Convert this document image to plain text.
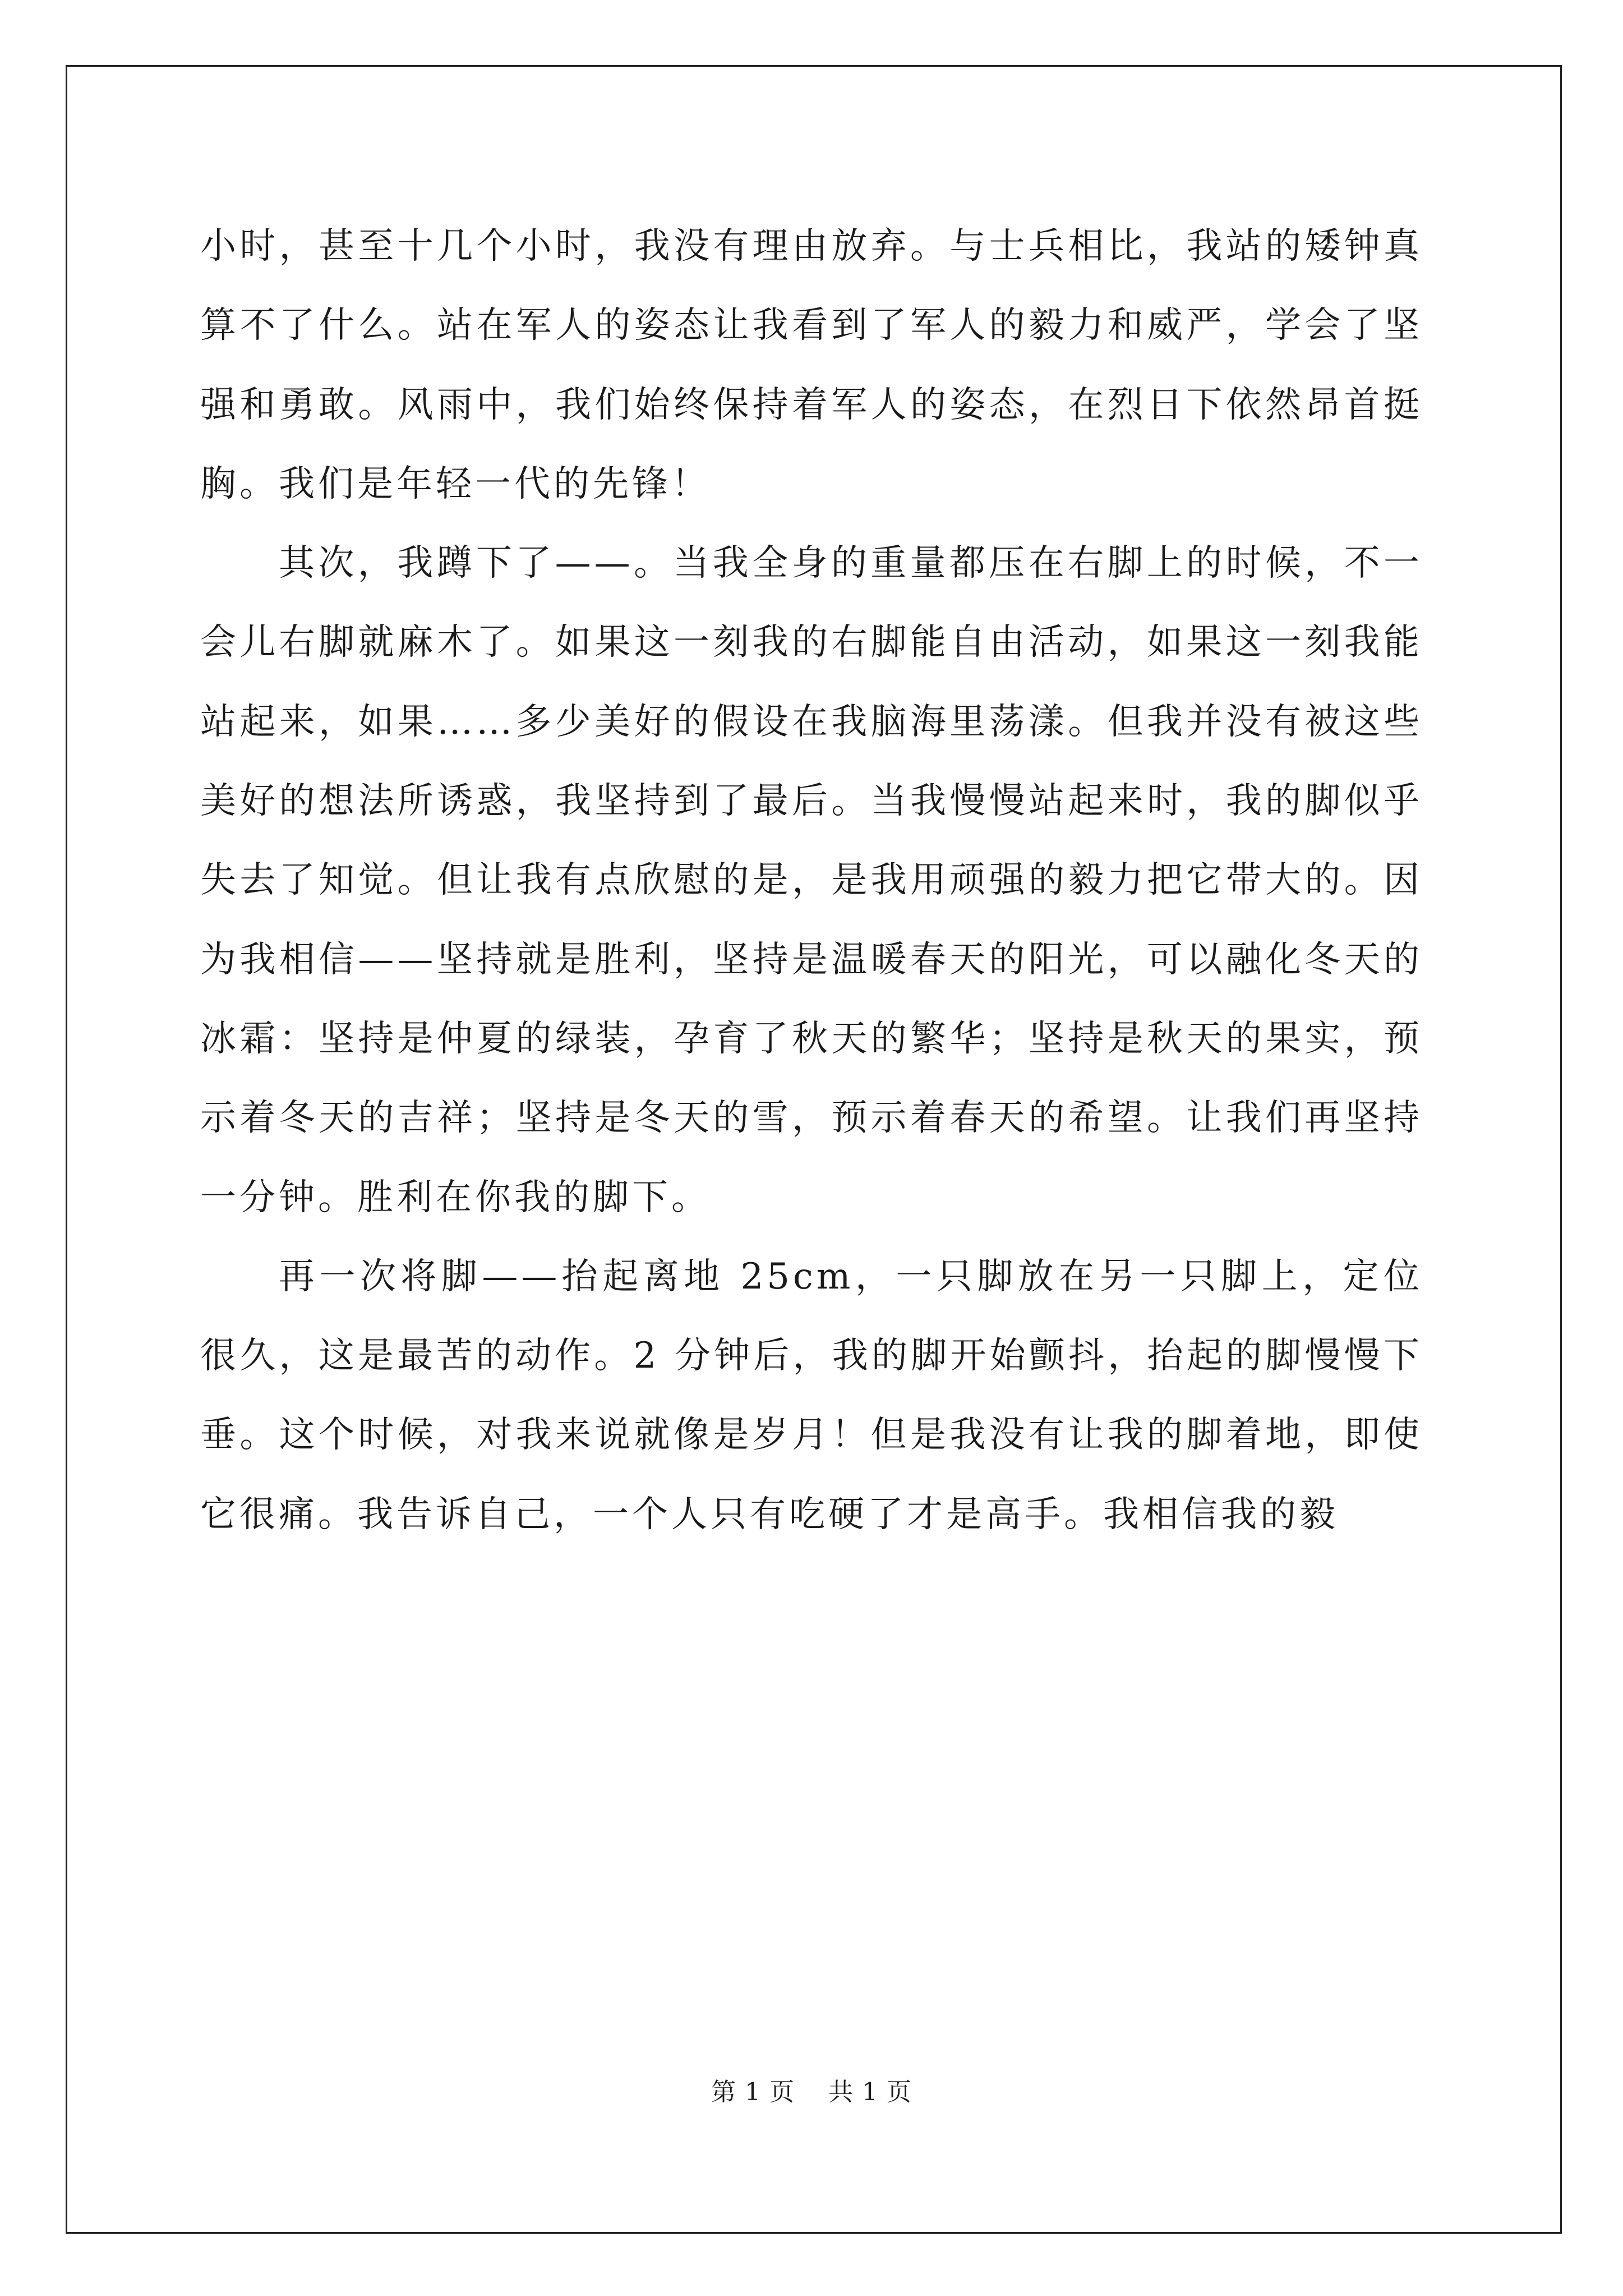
小时，甚至十几个小时，我没有理由放弃。与士兵相比，我站的矮钟真算不了什么。站在军人的姿态让我看到了军人的毅力和威严，学会了坚强和勇敢。风雨中，我们始终保持着军人的姿态，在烈日下依然昂首挺胸。我们是年轻一代的先锋！

其次，我蹲下了——。当我全身的重量都压在右脚上的时候，不一会儿右脚就麻木了。如果这一刻我的右脚能自由活动，如果这一刻我能站起来，如果……多少美好的假设在我脑海里荡漾。但我并没有被这些美好的想法所诱惑，我坚持到了最后。当我慢慢站起来时，我的脚似乎失去了知觉。但让我有点欣慰的是，是我用顽强的毅力把它带大的。因为我相信——坚持就是胜利，坚持是温暖春天的阳光，可以融化冬天的冰霜：坚持是仲夏的绿装，孕育了秋天的繁华；坚持是秋天的果实，预示着冬天的吉祥；坚持是冬天的雪，预示着春天的希望。让我们再坚持一分钟。胜利在你我的脚下。

再一次将脚——抬起离地 25cm，一只脚放在另一只脚上，定位很久，这是最苦的动作。2 分钟后，我的脚开始颤抖，抬起的脚慢慢下垂。这个时候，对我来说就像是岁月！但是我没有让我的脚着地，即使它很痛。我告诉自己，一个人只有吃硬了才是高手。我相信我的毅

第 1 页    共 1 页
